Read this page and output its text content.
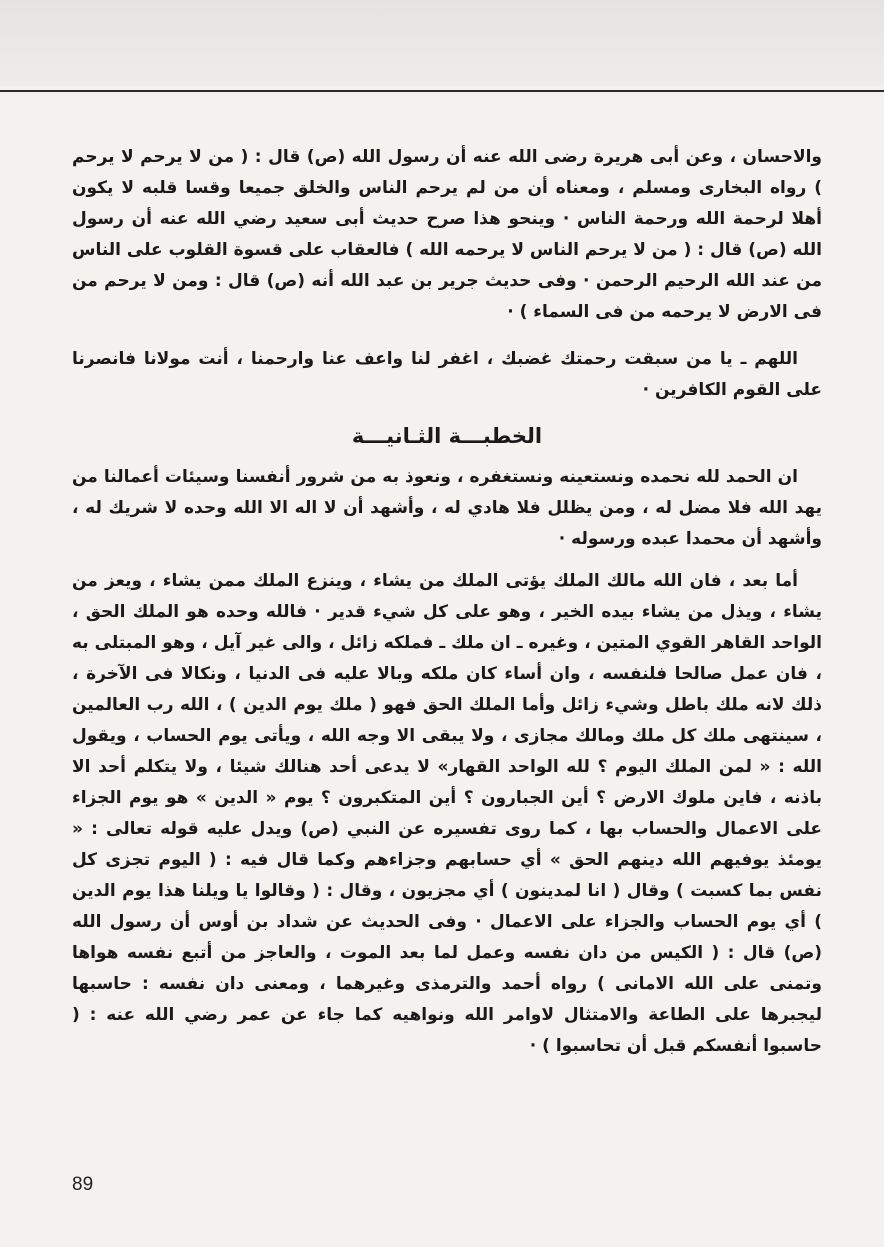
والاحسان ، وعن أبى هريرة رضى الله عنه أن رسول الله (ص) قال : ( من لا يرحم لا يرحم ) رواه البخارى ومسلم ، ومعناه أن من لم يرحم الناس والخلق جميعا وقسا قلبه لا يكون أهلا لرحمة الله ورحمة الناس · وينحو هذا صرح حديث أبى سعيد رضي الله عنه أن رسول الله (ص) قال : ( من لا يرحم الناس لا يرحمه الله ) فالعقاب على قسوة القلوب على الناس من عند الله الرحيم الرحمن · وفى حديث جرير بن عبد الله أنه (ص) قال : ومن لا يرحم من فى الارض لا يرحمه من فى السماء ) ·

اللهم ـ يا من سبقت رحمتك غضبك ، اغفر لنا واعف عنا وارحمنا ، أنت مولانا فانصرنا على القوم الكافرين ·

الخطبـــة الثـانيـــة

ان الحمد لله نحمده ونستعينه ونستغفره ، ونعوذ به من شرور أنفسنا وسيئات أعمالنا من يهد الله فلا مضل له ، ومن يظلل فلا هادي له ، وأشهد أن لا اله الا الله وحده لا شريك له ، وأشهد أن محمدا عبده ورسوله ·

أما بعد ، فان الله مالك الملك يؤتى الملك من يشاء ، وينزع الملك ممن يشاء ، ويعز من يشاء ، ويذل من يشاء بيده الخير ، وهو على كل شيء قدير · فالله وحده هو الملك الحق ، الواحد القاهر القوي المتين ، وغيره ـ ان ملك ـ فملكه زائل ، والى غير آيل ، وهو المبتلى به ، فان عمل صالحا فلنفسه ، وان أساء كان ملكه وبالا عليه فى الدنيا ، ونكالا فى الآخرة ، ذلك لانه ملك باطل وشيء زائل وأما الملك الحق فهو ( ملك يوم الدين ) ، الله رب العالمين ، سينتهى ملك كل ملك ومالك مجازى ، ولا يبقى الا وجه الله ، ويأتى يوم الحساب ، ويقول الله : « لمن الملك اليوم ؟ لله الواحد القهار» لا يدعى أحد هنالك شيئا ، ولا يتكلم أحد الا باذنه ، فاين ملوك الارض ؟ أين الجبارون ؟ أين المتكبرون ؟ يوم « الدين » هو يوم الجزاء على الاعمال والحساب بها ، كما روى تفسيره عن النبي (ص) ويدل عليه قوله تعالى : « يومئذ يوفيهم الله دينهم الحق » أي حسابهم وجزاءهم وكما قال فيه : ( اليوم تجزى كل نفس بما كسبت ) وقال ( انا لمدينون ) أي مجزيون ، وقال : ( وقالوا يا ويلنا هذا يوم الدين ) أي يوم الحساب والجزاء على الاعمال · وفى الحديث عن شداد بن أوس أن رسول الله (ص) قال : ( الكيس من دان نفسه وعمل لما بعد الموت ، والعاجز من أتبع نفسه هواها وتمنى على الله الامانى ) رواه أحمد والترمذى وغيرهما ، ومعنى دان نفسه : حاسبها ليجبرها على الطاعة والامتثال لاوامر الله ونواهيه كما جاء عن عمر رضي الله عنه : ( حاسبوا أنفسكم قبل أن تحاسبوا ) ·

89
